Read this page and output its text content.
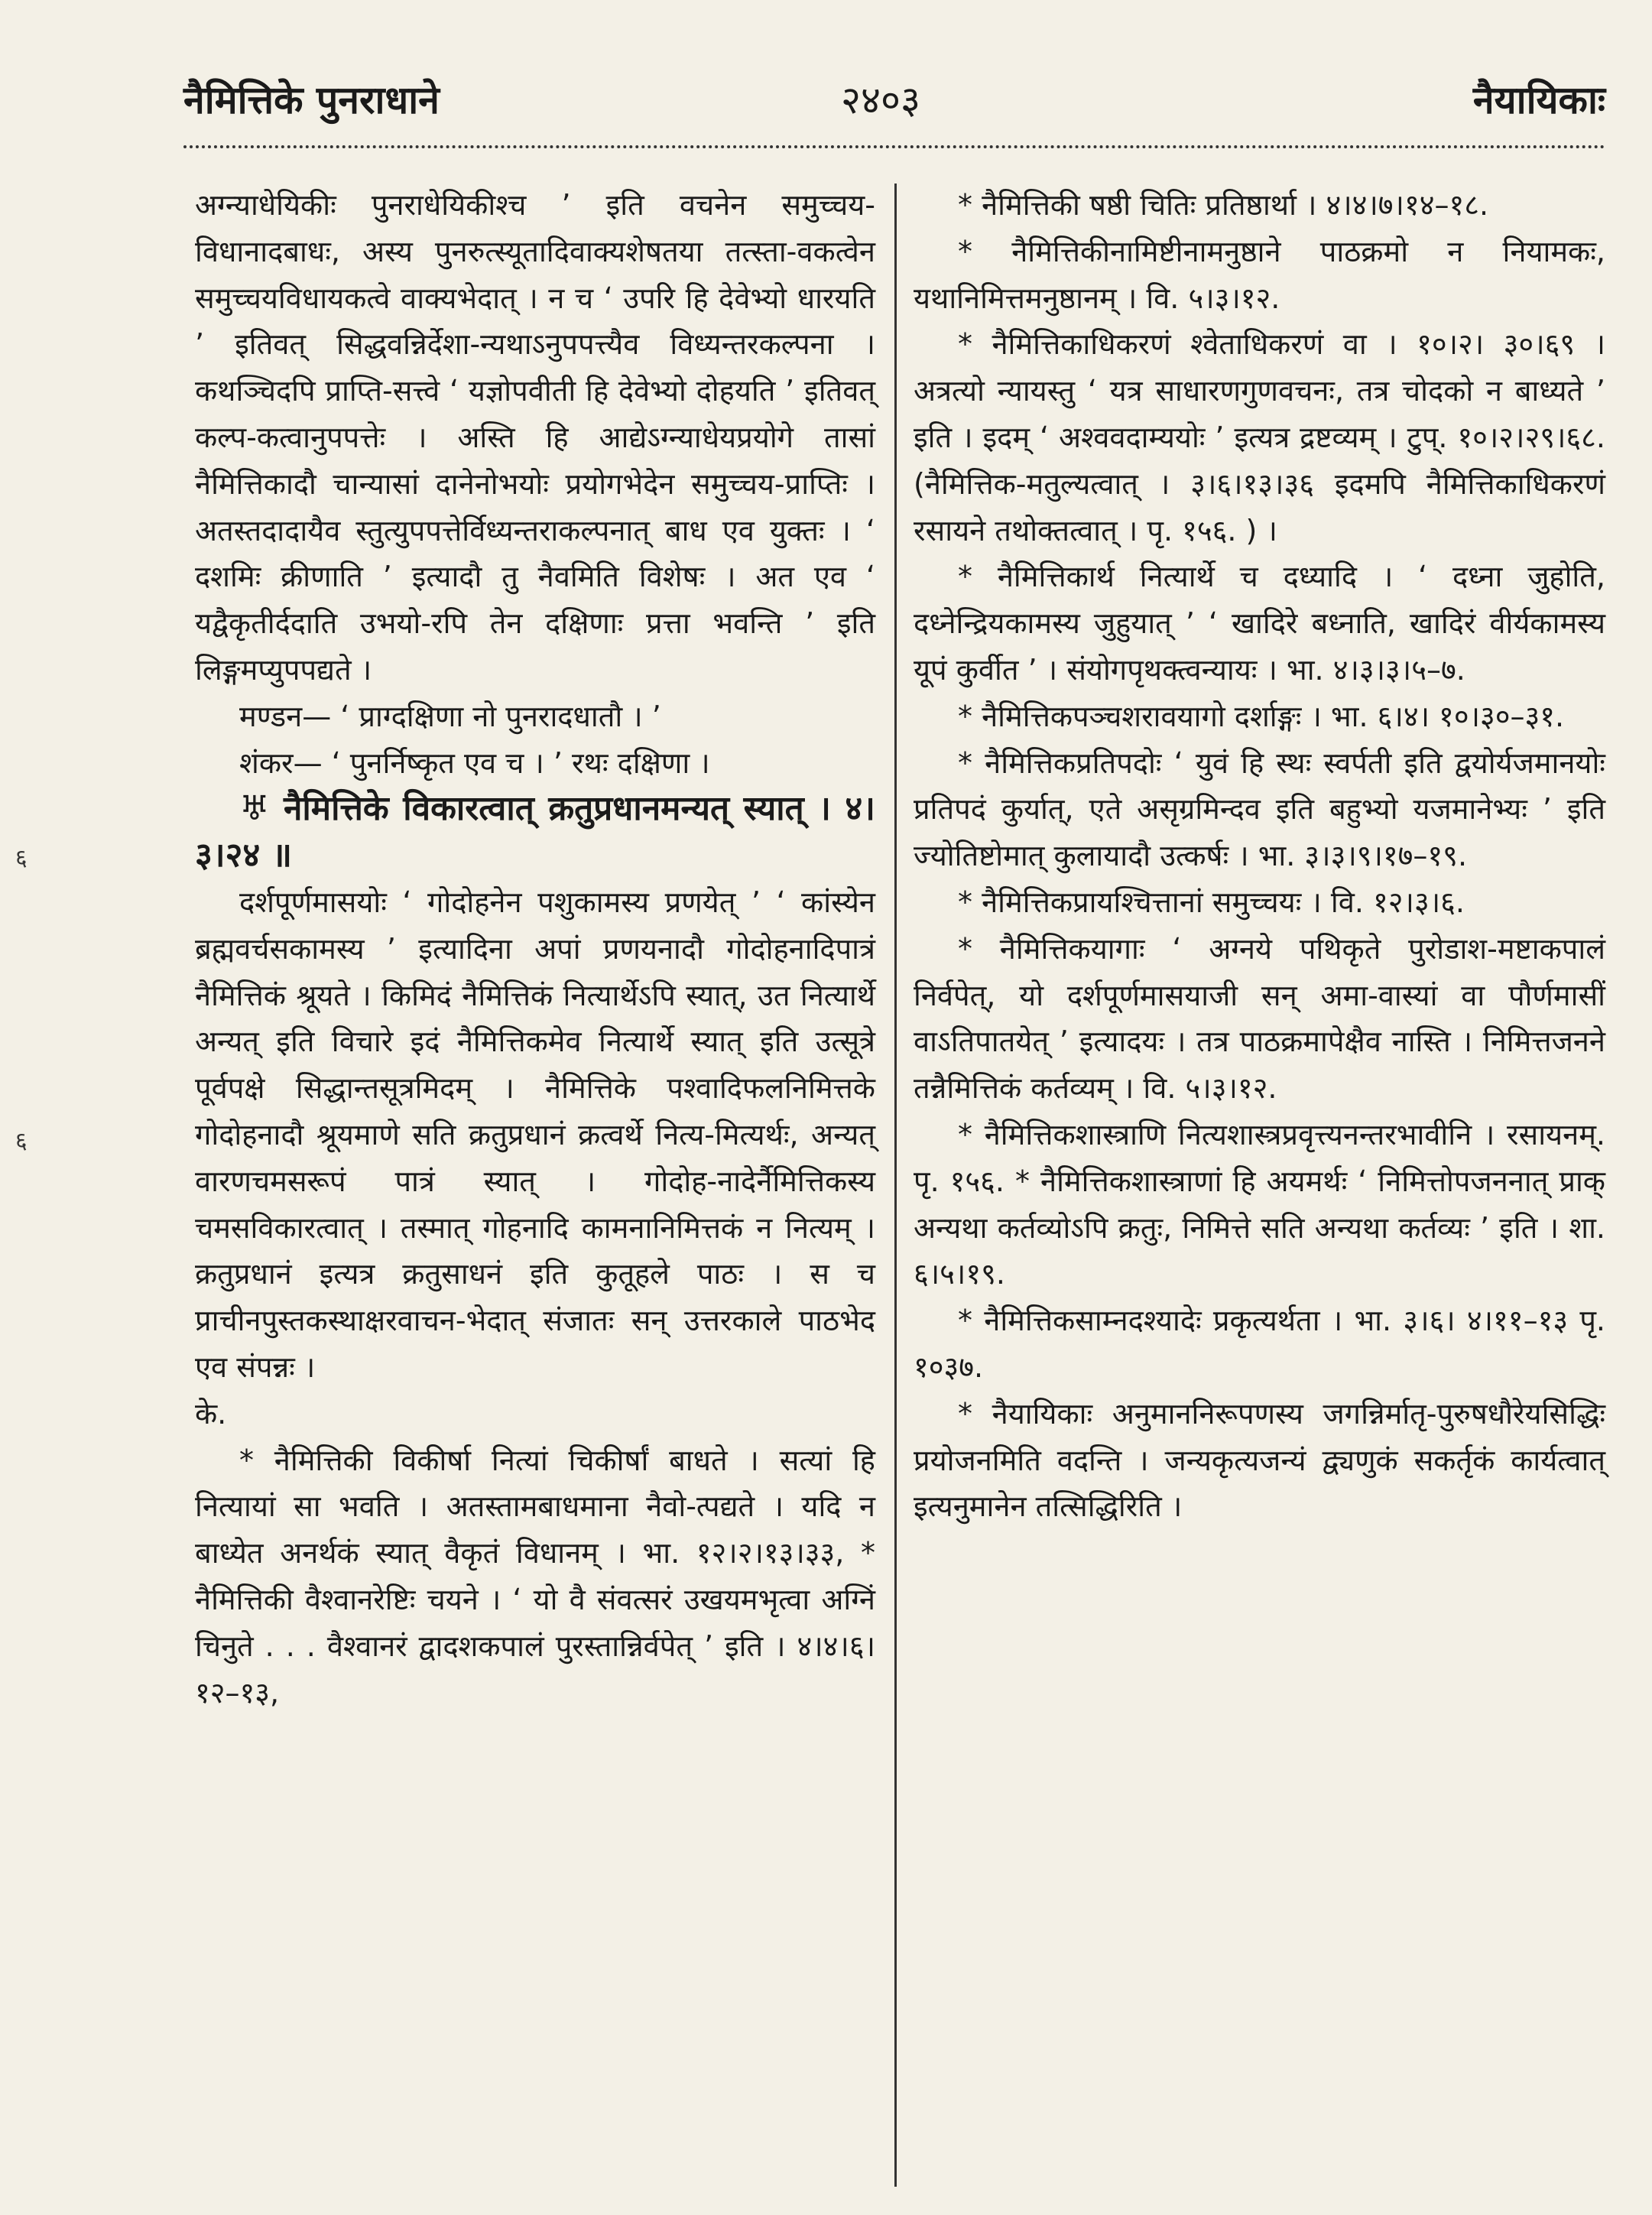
नैमित्तिके पुनराधाने	२४०३	नैयायिकाः
६
६

अग्न्याधेयिकीः पुनराधेयिकीश्च ’ इति वचनेन समुच्चय-विधानादबाधः, अस्य पुनरुत्स्यूतादिवाक्यशेषतया तत्स्ता-वकत्वेन समुच्चयविधायकत्वे वाक्यभेदात् । न च ‘ उपरि हि देवेभ्यो धारयति ’ इतिवत् सिद्धवन्निर्देशा-न्यथाऽनुपपत्त्यैव विध्यन्तरकल्पना । कथञ्चिदपि प्राप्ति-सत्त्वे ‘ यज्ञोपवीती हि देवेभ्यो दोहयति ’ इतिवत् कल्प-कत्वानुपपत्तेः । अस्ति हि आद्येऽग्न्याधेयप्रयोगे तासां नैमित्तिकादौ चान्यासां दानेनोभयोः प्रयोगभेदेन समुच्चय-प्राप्तिः । अतस्तदादायैव स्तुत्युपपत्तेर्विध्यन्तराकल्पनात् बाध एव युक्तः । ‘ दशमिः क्रीणाति ’ इत्यादौ तु नैवमिति विशेषः । अत एव ‘ यद्वैकृतीर्ददाति उभयो-रपि तेन दक्षिणाः प्रत्ता भवन्ति ’ इति लिङ्गमप्युपपद्यते ।

मण्डन— ‘ प्राग्दक्षिणा नो पुनरादधातौ । ’

शंकर— ‘ पुनर्निष्कृत एव च । ’ रथः दक्षिणा ।

♅ नैमित्तिके विकारत्वात् क्रतुप्रधानमन्यत् स्यात् । ४।३।२४ ॥

दर्शपूर्णमासयोः ‘ गोदोहनेन पशुकामस्य प्रणयेत् ’ ‘ कांस्येन ब्रह्मवर्चसकामस्य ’ इत्यादिना अपां प्रणयनादौ गोदोहनादिपात्रं नैमित्तिकं श्रूयते । किमिदं नैमित्तिकं नित्यार्थेऽपि स्यात्, उत नित्यार्थे अन्यत् इति विचारे इदं नैमित्तिकमेव नित्यार्थे स्यात् इति उत्सूत्रे पूर्वपक्षे सिद्धान्तसूत्रमिदम् । नैमित्तिके पश्वादिफलनिमित्तके गोदोहनादौ श्रूयमाणे सति क्रतुप्रधानं क्रत्वर्थे नित्य-मित्यर्थः, अन्यत् वारणचमसरूपं पात्रं स्यात् । गोदोह-नादेर्नैमित्तिकस्य चमसविकारत्वात् । तस्मात् गोहनादि कामनानिमित्तकं न नित्यम् । क्रतुप्रधानं इत्यत्र क्रतुसाधनं इति कुतूहले पाठः । स च प्राचीनपुस्तकस्थाक्षरवाचन-भेदात् संजातः सन् उत्तरकाले पाठभेद एव संपन्नः ।

के.

* नैमित्तिकी विकीर्षा नित्यां चिकीर्षां बाधते । सत्यां हि नित्यायां सा भवति । अतस्तामबाधमाना नैवो-त्पद्यते । यदि न बाध्येत अनर्थकं स्यात् वैकृतं विधानम् । भा. १२।२।१३।३३, * नैमित्तिकी वैश्वानरेष्टिः चयने । ‘ यो वै संवत्सरं उखयमभृत्वा अग्निं चिनुते . . . वैश्वानरं द्वादशकपालं पुरस्तान्निर्वपेत् ’ इति । ४।४।६।१२–१३,

* नैमित्तिकी षष्ठी चितिः प्रतिष्ठार्था । ४।४।७।१४–१८.

* नैमित्तिकीनामिष्टीनामनुष्ठाने पाठक्रमो न नियामकः, यथानिमित्तमनुष्ठानम् । वि. ५।३।१२.

* नैमित्तिकाधिकरणं श्वेताधिकरणं वा । १०।२। ३०।६९ । अत्रत्यो न्यायस्तु ‘ यत्र साधारणगुणवचनः, तत्र चोदको न बाध्यते ’ इति । इदम् ‘ अश्ववदाम्ययोः ’ इत्यत्र द्रष्टव्यम् । टुप्. १०।२।२९।६८. (नैमित्तिक-मतुल्यत्वात् । ३।६।१३।३६ इदमपि नैमित्तिकाधिकरणं रसायने तथोक्तत्वात् । पृ. १५६. ) ।

* नैमित्तिकार्थ नित्यार्थे च दध्यादि । ‘ दध्ना जुहोति, दध्नेन्द्रियकामस्य जुहुयात् ’ ‘ खादिरे बध्नाति, खादिरं वीर्यकामस्य यूपं कुर्वीत ’ । संयोगपृथक्त्वन्यायः । भा. ४।३।३।५–७.

* नैमित्तिकपञ्चशरावयागो दर्शाङ्गः । भा. ६।४। १०।३०–३१.

* नैमित्तिकप्रतिपदोः ‘ युवं हि स्थः स्वर्पती इति द्वयोर्यजमानयोः प्रतिपदं कुर्यात्, एते असृग्रमिन्दव इति बहुभ्यो यजमानेभ्यः ’ इति ज्योतिष्टोमात् कुलायादौ उत्कर्षः । भा. ३।३।९।१७–१९.

* नैमित्तिकप्रायश्चित्तानां समुच्चयः । वि. १२।३।६.

* नैमित्तिकयागाः ‘ अग्नये पथिकृते पुरोडाश-मष्टाकपालं निर्वपेत्, यो दर्शपूर्णमासयाजी सन् अमा-वास्यां वा पौर्णमासीं वाऽतिपातयेत् ’ इत्यादयः । तत्र पाठक्रमापेक्षैव नास्ति । निमित्तजनने तन्नैमित्तिकं कर्तव्यम् । वि. ५।३।१२.

* नैमित्तिकशास्त्राणि नित्यशास्त्रप्रवृत्त्यनन्तरभावीनि । रसायनम्. पृ. १५६. * नैमित्तिकशास्त्राणां हि अयमर्थः ‘ निमित्तोपजननात् प्राक् अन्यथा कर्तव्योऽपि क्रतुः, निमित्ते सति अन्यथा कर्तव्यः ’ इति । शा. ६।५।१९.

* नैमित्तिकसाम्नदश्यादेः प्रकृत्यर्थता । भा. ३।६। ४।११–१३ पृ. १०३७.

* नैयायिकाः अनुमाननिरूपणस्य जगन्निर्मातृ-पुरुषधौरेयसिद्धिः प्रयोजनमिति वदन्ति । जन्यकृत्यजन्यं द्व्यणुकं सकर्तृकं कार्यत्वात् इत्यनुमानेन तत्सिद्धिरिति ।
